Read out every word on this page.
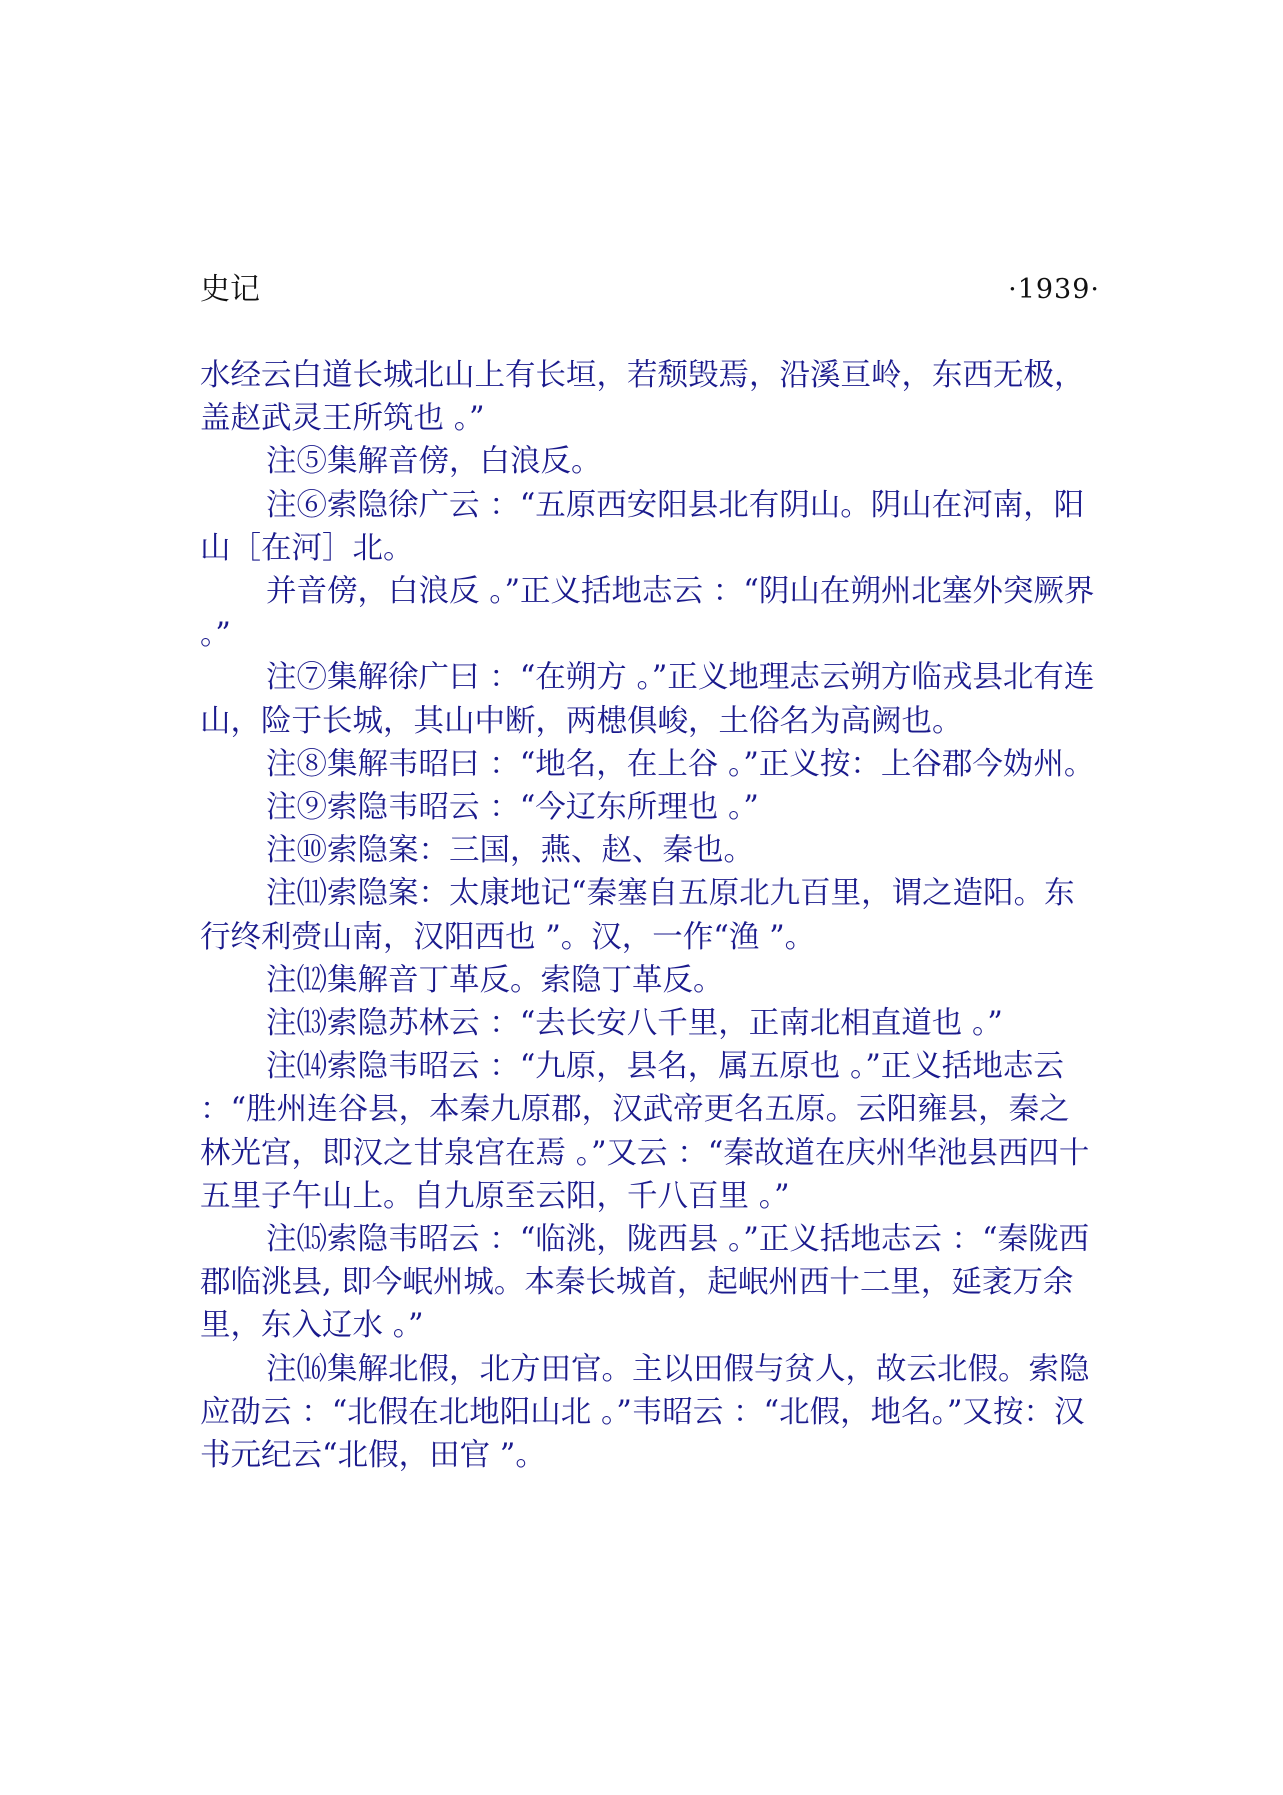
史记	·1939·

水经云白道长城北山上有长垣，若颓毁焉，沿溪亘岭，东西无极，盖赵武灵王所筑也 。”

注⑤集解音傍，白浪反。

注⑥索隐徐广云 ：“五原西安阳县北有阴山。阴山在河南，阳山［在河］北。

并音傍，白浪反 。”正义括地志云 ：“阴山在朔州北塞外突厥界 。”

注⑦集解徐广曰 ：“在朔方 。”正义地理志云朔方临戎县北有连山，险于长城，其山中断，两槵俱峻，土俗名为高阙也。

注⑧集解韦昭曰 ：“地名，在上谷 。”正义按：上谷郡今妫州。

注⑨索隐韦昭云 ：“今辽东所理也 。”

注⑩索隐案：三国，燕、赵、秦也。

注⑾索隐案：太康地记“秦塞自五原北九百里，谓之造阳。东行终利赍山南，汉阳西也 ”。汉，一作“渔 ”。

注⑿集解音丁革反。索隐丁革反。

注⒀索隐苏林云 ：“去长安八千里，正南北相直道也 。”

注⒁索隐韦昭云 ：“九原，县名，属五原也 。”正义括地志云 ：“胜州连谷县，本秦九原郡，汉武帝更名五原。云阳雍县，秦之林光宫，即汉之甘泉宫在焉 。”又云 ：“秦故道在庆州华池县西四十五里子午山上。自九原至云阳，千八百里 。”

注⒂索隐韦昭云 ：“临洮，陇西县 。”正义括地志云 ：“秦陇西郡临洮县, 即今岷州城。本秦长城首，起岷州西十二里，延袤万余里，东入辽水 。”

注⒃集解北假，北方田官。主以田假与贫人，故云北假。索隐应劭云 ：“北假在北地阳山北 。”韦昭云 ：“北假，地名。”又按：汉书元纪云“北假，田官 ”。
